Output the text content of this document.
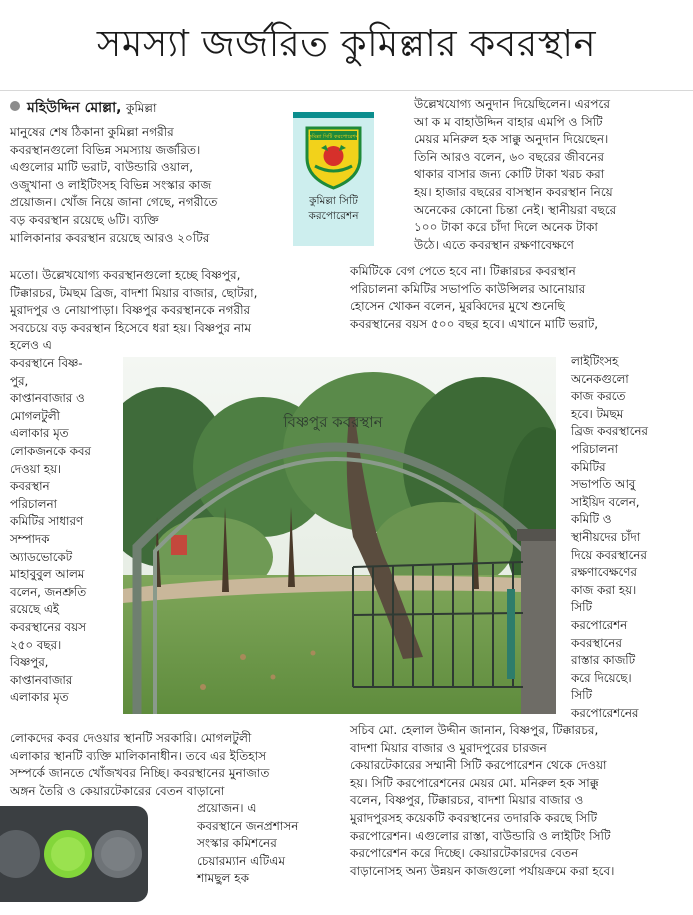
সমস্যা জর্জরিত কুমিল্লার কবরস্থান
মহিউদ্দিন মোল্লা, কুমিল্লা

মানুষের শেষ ঠিকানা কুমিল্লা নগরীর
কবরস্থানগুলো বিভিন্ন সমস্যায় জর্জরিত।
এগুলোর মাটি ভরাট, বাউন্ডারি ওয়াল,
ওজুখানা ও লাইটিংসহ বিভিন্ন সংস্কার কাজ
প্রয়োজন। খোঁজ নিয়ে জানা গেছে, নগরীতে
বড় কবরস্থান রয়েছে ৬টি। ব্যক্তি
মালিকানার কবরস্থান রয়েছে আরও ২০টির

কুমিল্লা সিটি করপোরেশন
কুমিল্লা সিটি করপোরেশন

মতো। উল্লেখযোগ্য কবরস্থানগুলো হচ্ছে বিষ্ণপুর,
টিক্কারচর, টমছম ব্রিজ, বাদশা মিয়ার বাজার, ছোটরা,
মুরাদপুর ও নোয়াপাড়া। বিষ্ণপুর কবরস্থানকে নগরীর
সবচেয়ে বড় কবরস্থান হিসেবে ধরা হয়। বিষ্ণপুর নাম
হলেও এ

উল্লেখযোগ্য অনুদান দিয়েছিলেন। এরপরে
আ ক ম বাহাউদ্দিন বাহার এমপি ও সিটি
মেয়র মনিরুল হক সাক্কু অনুদান দিয়েছেন।
তিনি আরও বলেন, ৬০ বছরের জীবনের
থাকার বাসার জন্য কোটি টাকা খরচ করা
হয়। হাজার বছরের বাসস্থান কবরস্থান নিয়ে
অনেকের কোনো চিন্তা নেই। স্থানীয়রা বছরে
১০০ টাকা করে চাঁদা দিলে অনেক টাকা
উঠে। এতে কবরস্থান রক্ষণাবেক্ষণে

কমিটিকে বেগ পেতে হবে না। টিক্কারচর কবরস্থান
পরিচালনা কমিটির সভাপতি কাউন্সিলর আনোয়ার
হোসেন খোকন বলেন, মুরব্বিদের মুখে শুনেছি
কবরস্থানের বয়স ৫০০ বছর হবে। এখানে মাটি ভরাট,

কবরস্থানে বিষ্ণ-
পুর,
কাপ্তানবাজার ও
মোগলটুলী
এলাকার মৃত
লোকজনকে কবর
দেওয়া হয়।
কবরস্থান
পরিচালনা
কমিটির সাধারণ
সম্পাদক
অ্যাডভোকেট
মাহাবুবুল আলম
বলেন, জনশ্রুতি
রয়েছে এই
কবরস্থানের বয়স
২৫০ বছর।
বিষ্ণপুর,
কাপ্তানবাজার
এলাকার মৃত

লাইটিংসহ
অনেকগুলো
কাজ করতে
হবে। টমছম
ব্রিজ কবরস্থানের
পরিচালনা
কমিটির
সভাপতি আবু
সাইয়িদ বলেন,
কমিটি ও
স্থানীয়দের চাঁদা
দিয়ে কবরস্থানের
রক্ষণাবেক্ষণের
কাজ করা হয়।
সিটি
করপোরেশন
কবরস্থানের
রাস্তার কাজটি
করে দিয়েছে।
সিটি
করপোরেশনের

বিষ্ণপুর কবরস্থান

লোকদের কবর দেওয়ার স্থানটি সরকারি। মোগলটুলী
এলাকার স্থানটি ব্যক্তি মালিকানাধীন। তবে এর ইতিহাস
সম্পর্কে জানতে খোঁজখবর নিচ্ছি। কবরস্থানের মুনাজাত
অঙ্গন তৈরি ও কেয়ারটেকারের বেতন বাড়ানো

প্রয়োজন। এ
কবরস্থানে জনপ্রশাসন
সংস্কার কমিশনের
চেয়ারম্যান এটিএম
শামছুল হক

সচিব মো. হেলাল উদ্দীন জানান, বিষ্ণপুর, টিক্কারচর,
বাদশা মিয়ার বাজার ও মুরাদপুরের চারজন
কেয়ারটেকারের সম্মানী সিটি করপোরেশন থেকে দেওয়া
হয়। সিটি করপোরেশনের মেয়র মো. মনিরুল হক সাক্কু
বলেন, বিষ্ণপুর, টিক্কারচর, বাদশা মিয়ার বাজার ও
মুরাদপুরসহ কয়েকটি কবরস্থানের তদারকি করছে সিটি
করপোরেশন। এগুলোর রাস্তা, বাউন্ডারি ও লাইটিং সিটি
করপোরেশন করে দিচ্ছে। কেয়ারটেকারদের বেতন
বাড়ানোসহ অন্য উন্নয়ন কাজগুলো পর্যায়ক্রমে করা হবে।
